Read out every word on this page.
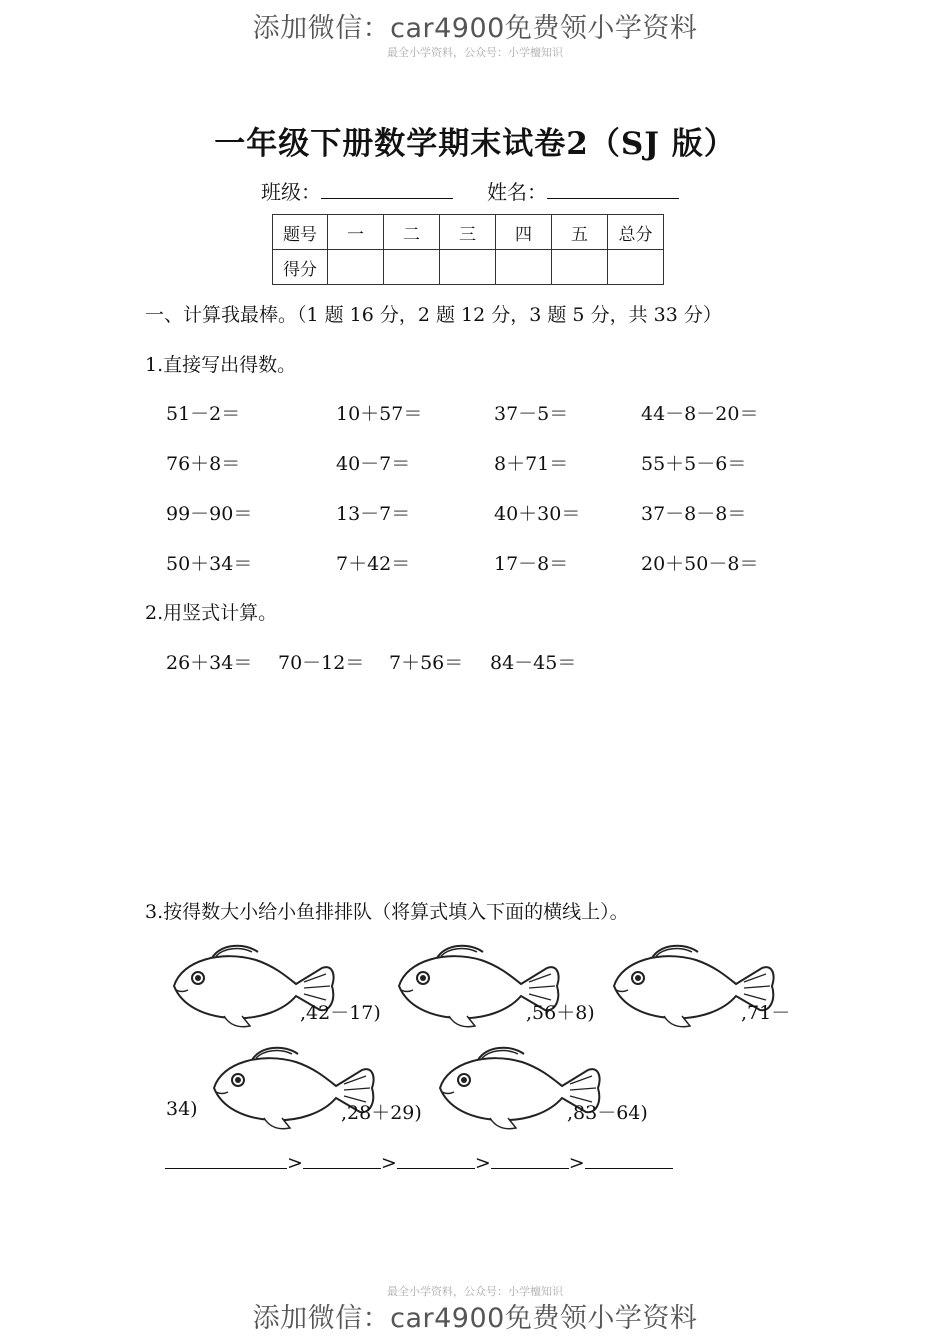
添加微信：car4900免费领小学资料
最全小学资料，公众号：小学檀知识
一年级下册数学期末试卷2（SJ 版）
班级：	姓名：
题号	一	二	三	四	五	总分
得分						
一、计算我最棒。（1 题 16 分，2 题 12 分，3 题 5 分，共 33 分）
1.直接写出得数。
51－2＝	10＋57＝	37－5＝	44－8－20＝
76＋8＝	40－7＝	8＋71＝	55＋5－6＝
99－90＝	13－7＝	40＋30＝	37－8－8＝
50＋34＝	7＋42＝	17－8＝	20＋50－8＝
2.用竖式计算。
26＋34＝ 70－12＝ 7＋56＝ 84－45＝
3.按得数大小给小鱼排排队（将算式填入下面的横线上）。
,42－17)	,56＋8)	,71－
34)	,28＋29)	,83－64)
>	>	>	>
最全小学资料，公众号：小学檀知识
添加微信：car4900免费领小学资料
